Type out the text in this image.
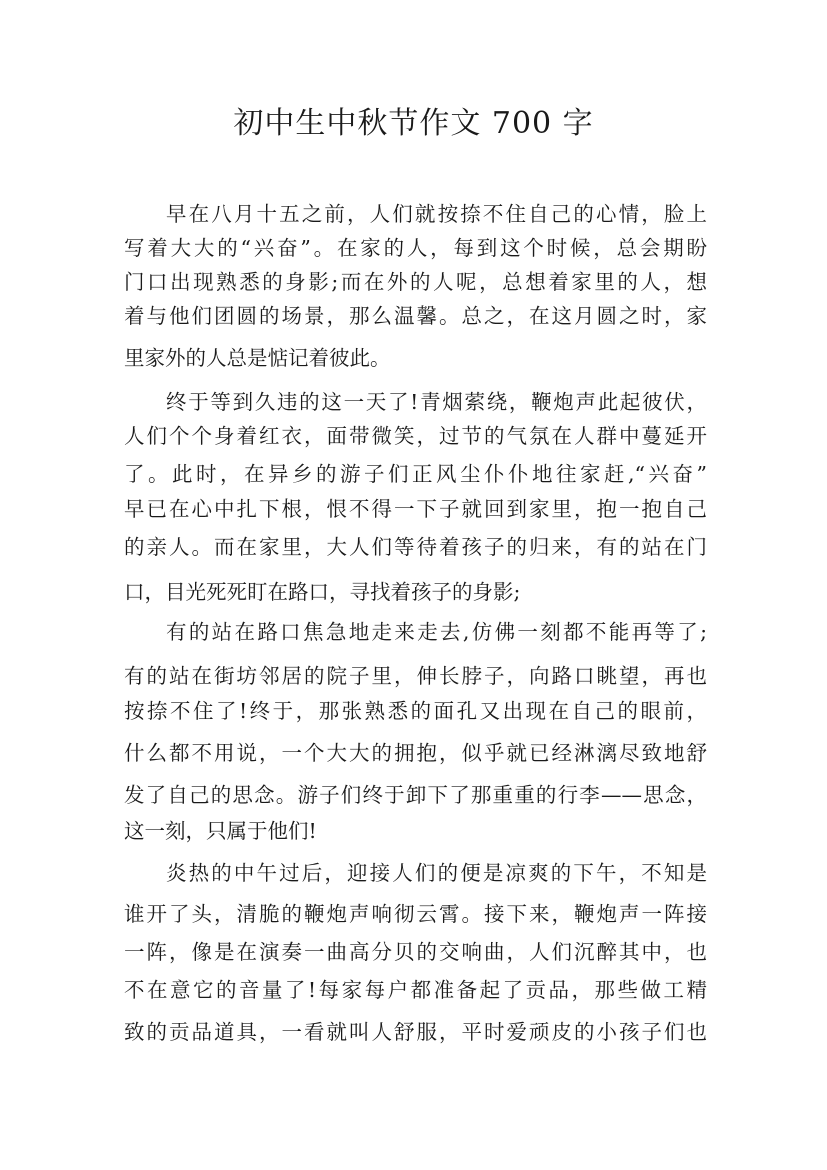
初中生中秋节作文 700 字
早在八月十五之前，人们就按捺不住自己的心情，脸上
写着大大的“兴奋”。在家的人，每到这个时候，总会期盼
门口出现熟悉的身影;而在外的人呢，总想着家里的人，想
着与他们团圆的场景，那么温馨。总之，在这月圆之时，家
里家外的人总是惦记着彼此。
终于等到久违的这一天了!青烟萦绕，鞭炮声此起彼伏，
人们个个身着红衣，面带微笑，过节的气氛在人群中蔓延开
了。此时，在异乡的游子们正风尘仆仆地往家赶,“兴奋”
早已在心中扎下根，恨不得一下子就回到家里，抱一抱自己
的亲人。而在家里，大人们等待着孩子的归来，有的站在门
口，目光死死盯在路口，寻找着孩子的身影;
有的站在路口焦急地走来走去,仿佛一刻都不能再等了;
有的站在街坊邻居的院子里，伸长脖子，向路口眺望，再也
按捺不住了!终于，那张熟悉的面孔又出现在自己的眼前，
什么都不用说，一个大大的拥抱，似乎就已经淋漓尽致地舒
发了自己的思念。游子们终于卸下了那重重的行李——思念，
这一刻，只属于他们!
炎热的中午过后，迎接人们的便是凉爽的下午，不知是
谁开了头，清脆的鞭炮声响彻云霄。接下来，鞭炮声一阵接
一阵，像是在演奏一曲高分贝的交响曲，人们沉醉其中，也
不在意它的音量了!每家每户都准备起了贡品，那些做工精
致的贡品道具，一看就叫人舒服，平时爱顽皮的小孩子们也
